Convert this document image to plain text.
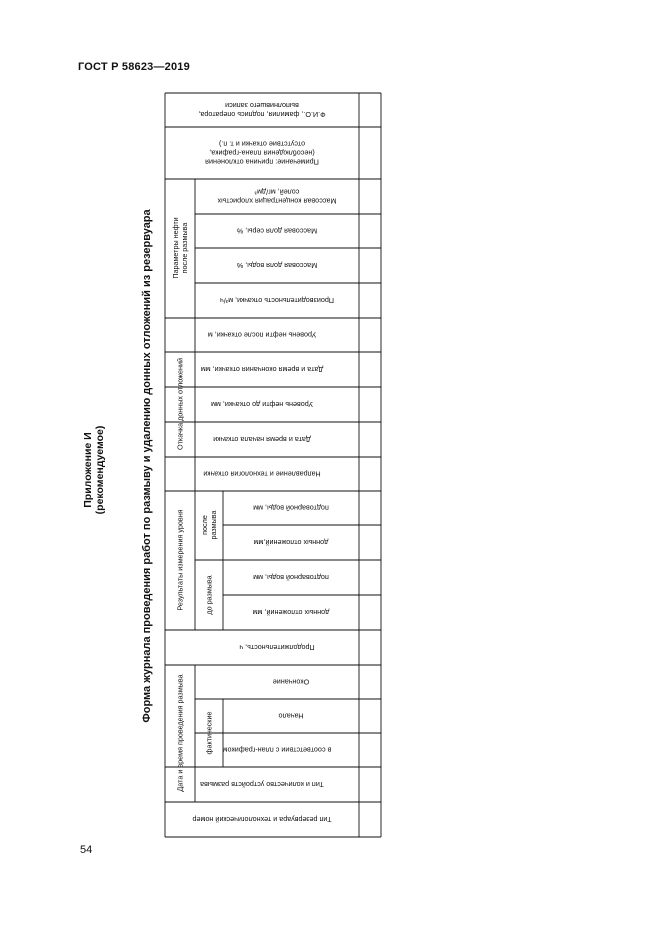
ГОСТ Р 58623—2019
Приложение И (рекомендуемое)	Форма журнала проведения работ по размыву и удалению донных отложений из резервуара
Дата и время проведения размыва
Результаты измерения уровня
Откачка донных отложений
Параметры нефтипосле размыва
фактические
до размыва
послеразмыва
Тип резервуара и технологический номер
Тип и количество устройств размыва
в соответствии с план-графиком
Начало
Окончание
Продолжительность, ч
донных отложений, мм
подтоварной воды, мм
донных отложений,мм
подтоварной воды, мм
Направление и технология откачки
Дата и время начала откачки
Уровень нефти до откачки, мм
Дата и время окончания откачки, мм
Уровень нефти после откачки, м
Производительность откачки, м³/ч
Массовая доля воды, %
Массовая доля серы, %
Массовая концентрация хлористыхсолей, мг/дм³
Примечание: причина отклонения(несоблюдения плана-графика,отсутствие откачки и т. п.)
Ф.И.О., фамилия, подпись оператора,выполнившего записи
54
